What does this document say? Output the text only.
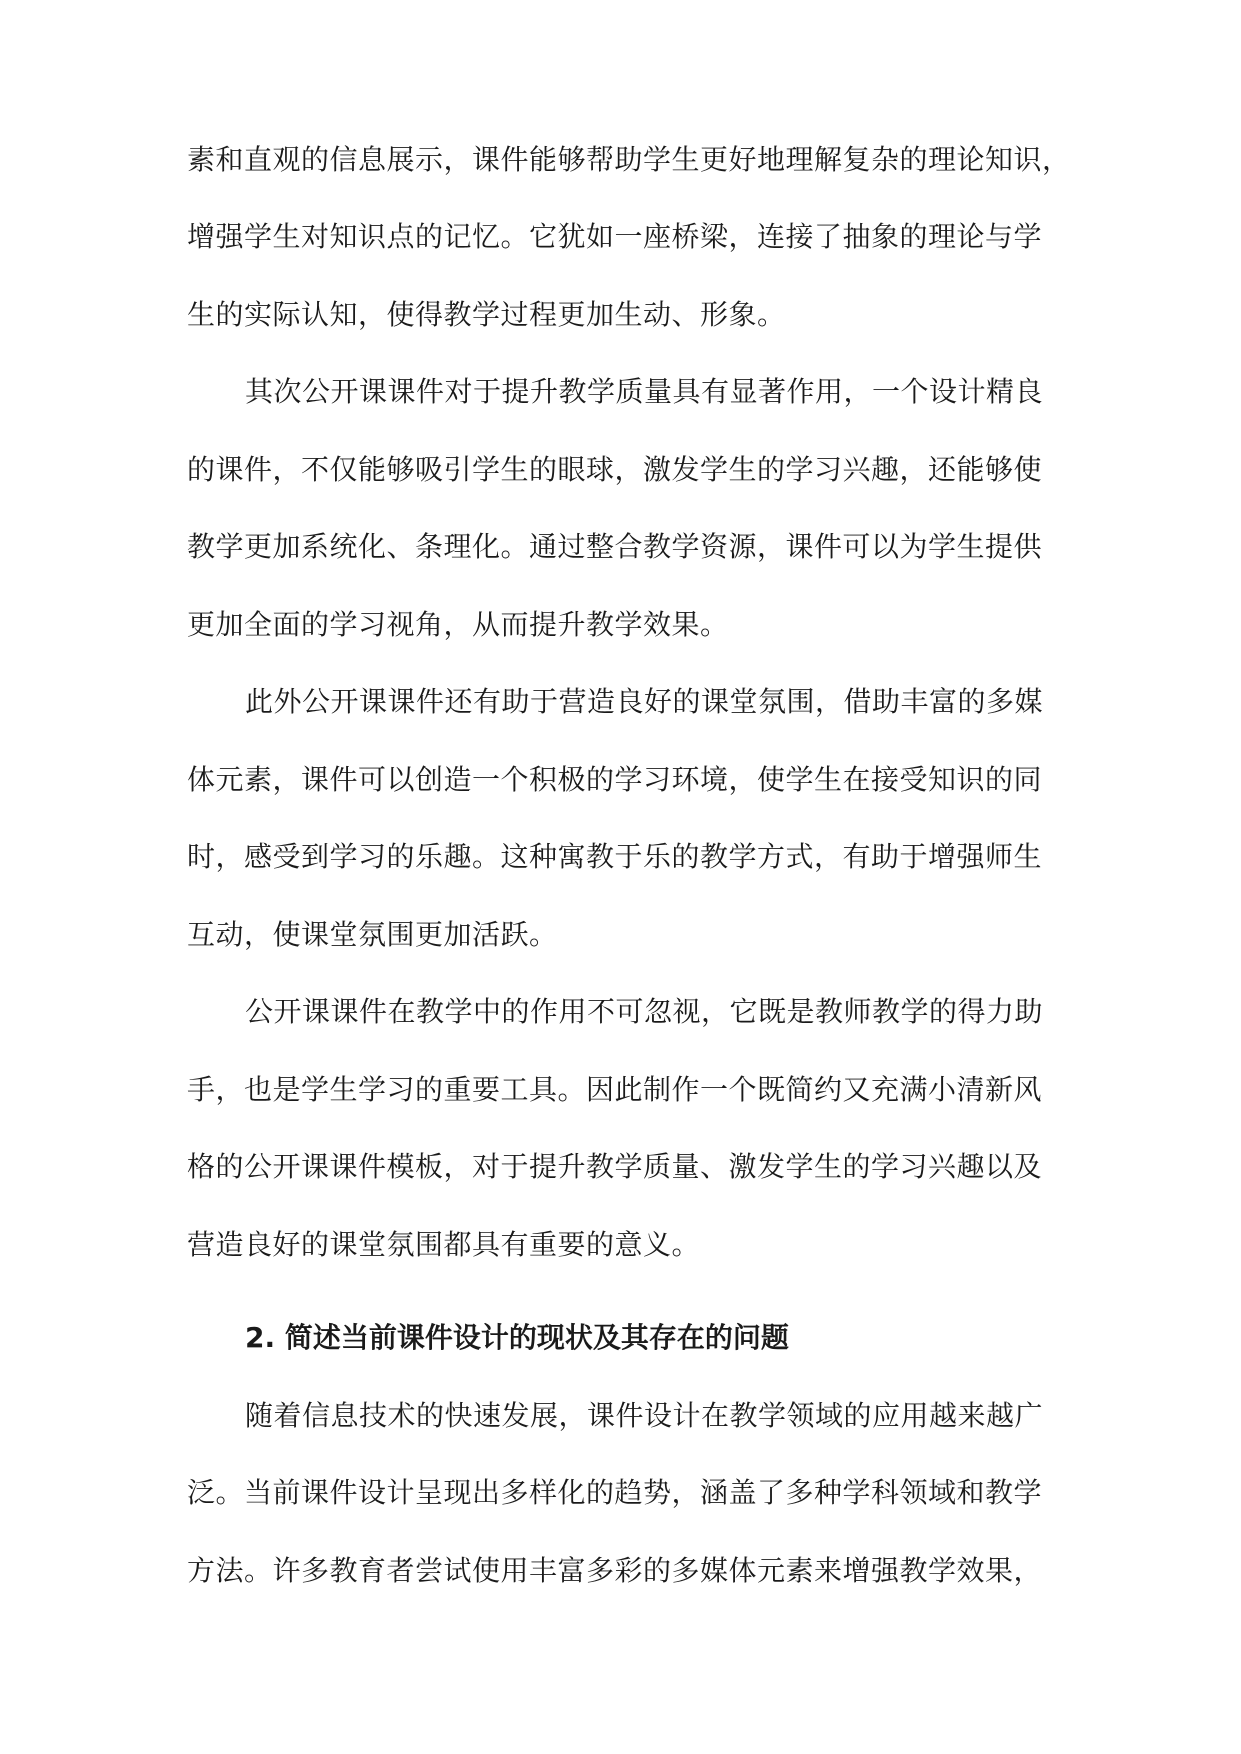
素和直观的信息展示，课件能够帮助学生更好地理解复杂的理论知识，
增强学生对知识点的记忆。它犹如一座桥梁，连接了抽象的理论与学
生的实际认知，使得教学过程更加生动、形象。
其次公开课课件对于提升教学质量具有显著作用，一个设计精良
的课件，不仅能够吸引学生的眼球，激发学生的学习兴趣，还能够使
教学更加系统化、条理化。通过整合教学资源，课件可以为学生提供
更加全面的学习视角，从而提升教学效果。
此外公开课课件还有助于营造良好的课堂氛围，借助丰富的多媒
体元素，课件可以创造一个积极的学习环境，使学生在接受知识的同
时，感受到学习的乐趣。这种寓教于乐的教学方式，有助于增强师生
互动，使课堂氛围更加活跃。
公开课课件在教学中的作用不可忽视，它既是教师教学的得力助
手，也是学生学习的重要工具。因此制作一个既简约又充满小清新风
格的公开课课件模板，对于提升教学质量、激发学生的学习兴趣以及
营造良好的课堂氛围都具有重要的意义。
2. 简述当前课件设计的现状及其存在的问题
随着信息技术的快速发展，课件设计在教学领域的应用越来越广
泛。当前课件设计呈现出多样化的趋势，涵盖了多种学科领域和教学
方法。许多教育者尝试使用丰富多彩的多媒体元素来增强教学效果，
